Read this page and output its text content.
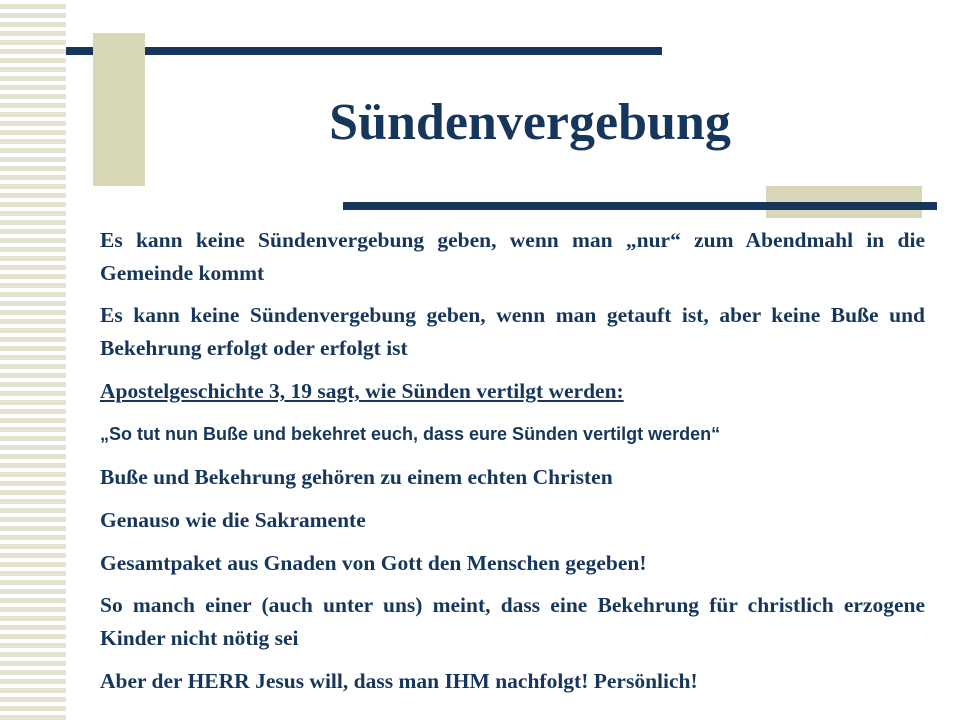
Sündenvergebung
Es kann keine Sündenvergebung geben, wenn man „nur“ zum Abendmahl in die Gemeinde kommt
Es kann keine Sündenvergebung geben, wenn man getauft ist, aber keine Buße und Bekehrung erfolgt oder erfolgt ist
Apostelgeschichte 3, 19 sagt, wie Sünden vertilgt werden:
„So tut nun Buße und bekehret euch, dass eure Sünden vertilgt werden“
Buße und Bekehrung gehören zu einem echten Christen
Genauso wie die Sakramente
Gesamtpaket aus Gnaden von Gott den Menschen gegeben!
So manch einer (auch unter uns) meint, dass eine Bekehrung für christlich erzogene Kinder nicht nötig sei
Aber der HERR Jesus will, dass man IHM nachfolgt! Persönlich!
